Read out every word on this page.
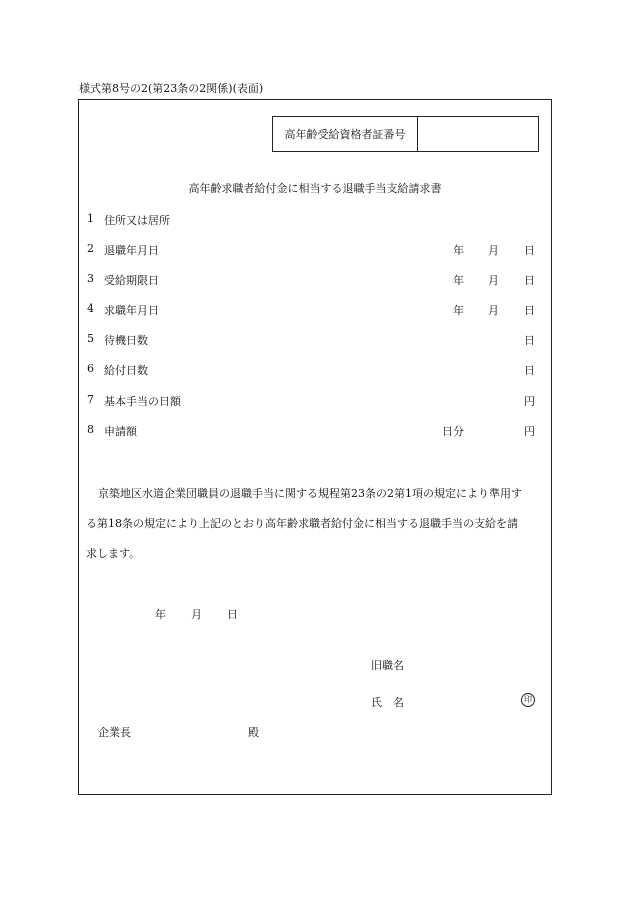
様式第8号の2(第23条の2関係)(表面)
高年齢受給資格者証番号
高年齢求職者給付金に相当する退職手当支給請求書
1 住所又は居所
2 退職年月日	年 月 日
3 受給期限日	年 月 日
4 求職年月日	年 月 日
5 待機日数	日
6 給付日数	日
7 基本手当の日額	円
8 申請額	日分	円
京築地区水道企業団職員の退職手当に関する規程第23条の2第1項の規定により準用す
る第18条の規定により上記のとおり高年齢求職者給付金に相当する退職手当の支給を請
求します。
年 月 日
旧職名
氏　名	印
企業長	殿
